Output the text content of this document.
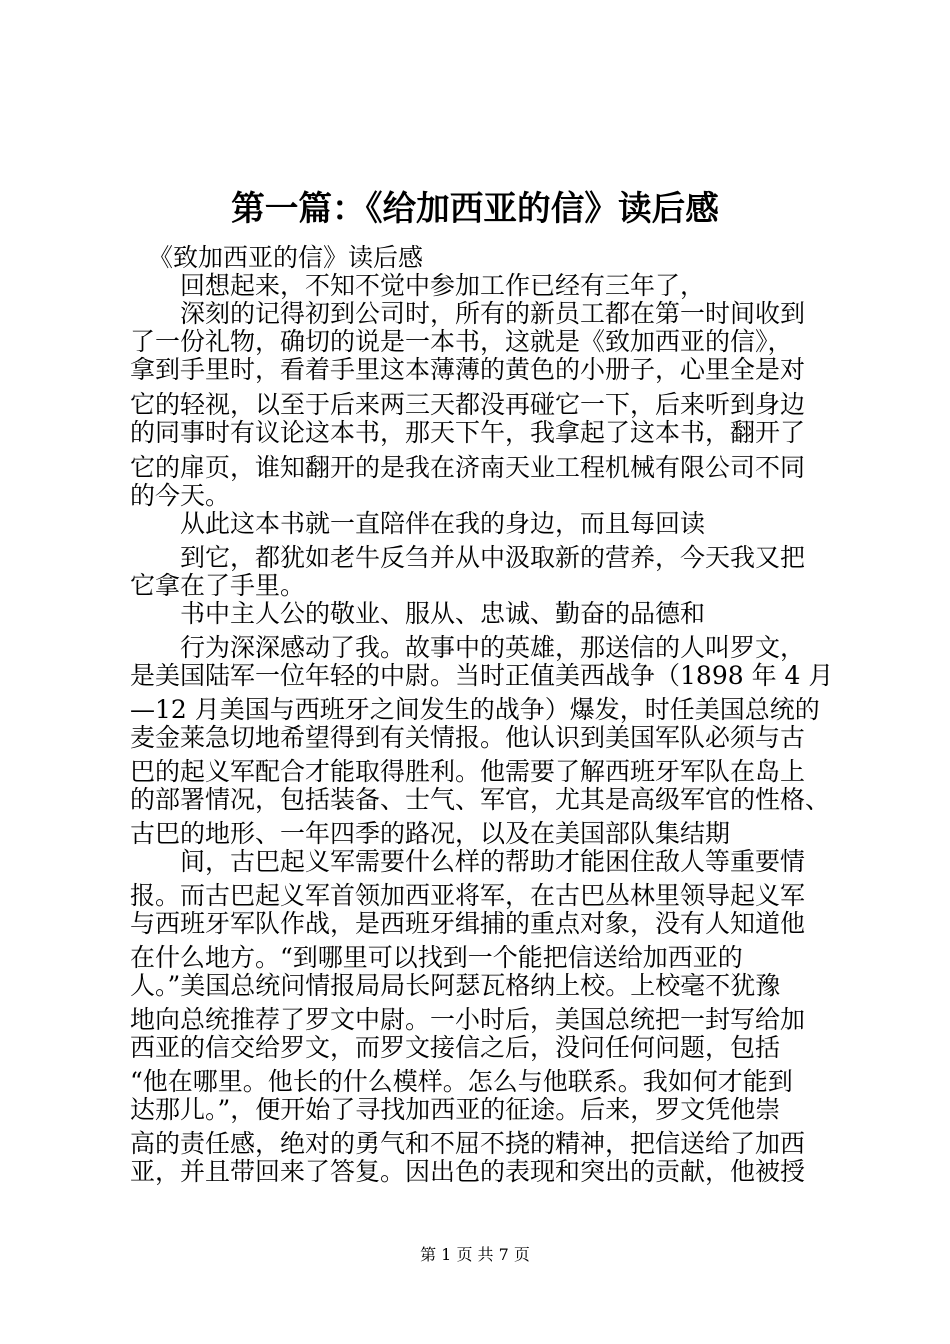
第一篇：《给加西亚的信》读后感
《致加西亚的信》读后感
回想起来，不知不觉中参加工作已经有三年了，
深刻的记得初到公司时，所有的新员工都在第一时间收到
了一份礼物，确切的说是一本书，这就是《致加西亚的信》，
拿到手里时，看着手里这本薄薄的黄色的小册子，心里全是对
它的轻视，以至于后来两三天都没再碰它一下，后来听到身边
的同事时有议论这本书，那天下午，我拿起了这本书，翻开了
它的扉页，谁知翻开的是我在济南天业工程机械有限公司不同
的今天。
从此这本书就一直陪伴在我的身边，而且每回读
到它，都犹如老牛反刍并从中汲取新的营养，今天我又把
它拿在了手里。
书中主人公的敬业、服从、忠诚、勤奋的品德和
行为深深感动了我。故事中的英雄，那送信的人叫罗文，
是美国陆军一位年轻的中尉。当时正值美西战争（1898 年 4 月
—12 月美国与西班牙之间发生的战争）爆发，时任美国总统的
麦金莱急切地希望得到有关情报。他认识到美国军队必须与古
巴的起义军配合才能取得胜利。他需要了解西班牙军队在岛上
的部署情况，包括装备、士气、军官，尤其是高级军官的性格、
古巴的地形、一年四季的路况，以及在美国部队集结期
间，古巴起义军需要什么样的帮助才能困住敌人等重要情
报。而古巴起义军首领加西亚将军，在古巴丛林里领导起义军
与西班牙军队作战，是西班牙缉捕的重点对象，没有人知道他
在什么地方。“到哪里可以找到一个能把信送给加西亚的
人。”美国总统问情报局局长阿瑟瓦格纳上校。上校毫不犹豫
地向总统推荐了罗文中尉。一小时后，美国总统把一封写给加
西亚的信交给罗文，而罗文接信之后，没问任何问题，包括
“他在哪里。他长的什么模样。怎么与他联系。我如何才能到
达那儿。”，便开始了寻找加西亚的征途。后来，罗文凭他崇
高的责任感，绝对的勇气和不屈不挠的精神，把信送给了加西
亚，并且带回来了答复。因出色的表现和突出的贡献，他被授
第 1 页 共 7 页
